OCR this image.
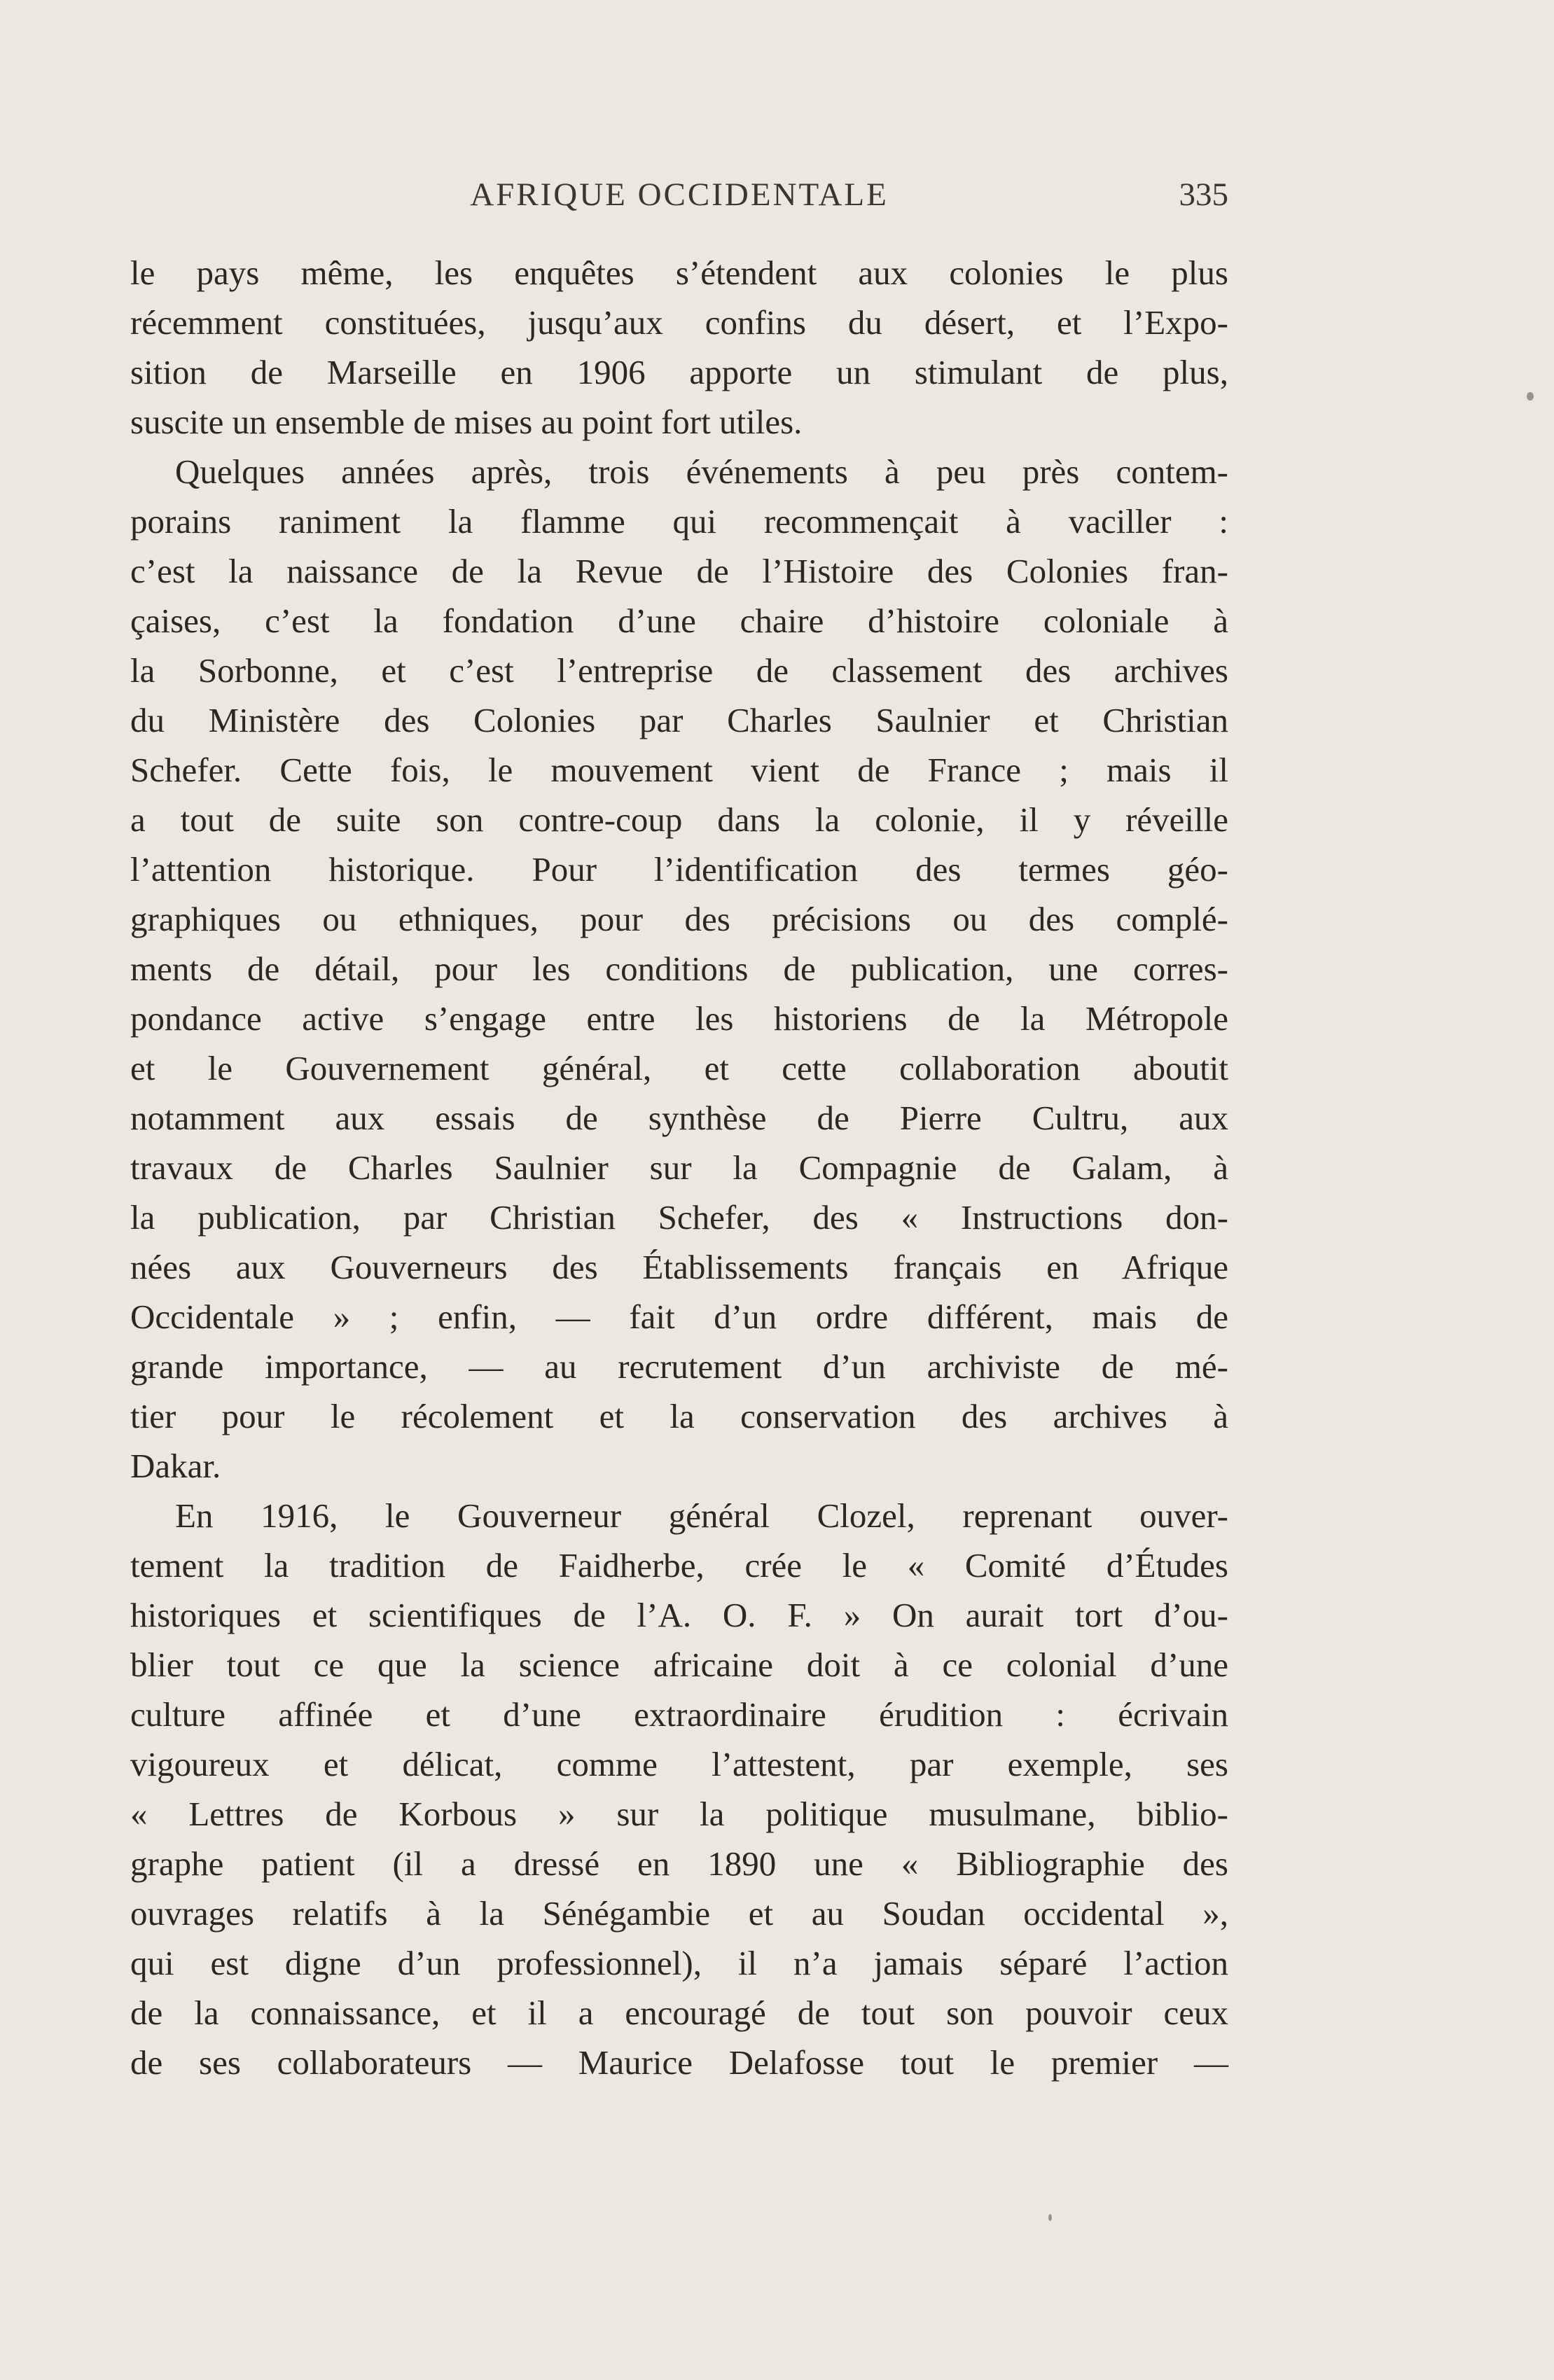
AFRIQUE OCCIDENTALE	335
le pays même, les enquêtes s’étendent aux colonies le plus
récemment constituées, jusqu’aux confins du désert, et l’Expo-
sition de Marseille en 1906 apporte un stimulant de plus,
suscite un ensemble de mises au point fort utiles.
Quelques années après, trois événements à peu près contem-
porains raniment la flamme qui recommençait à vaciller :
c’est la naissance de la Revue de l’Histoire des Colonies fran-
çaises, c’est la fondation d’une chaire d’histoire coloniale à
la Sorbonne, et c’est l’entreprise de classement des archives
du Ministère des Colonies par Charles Saulnier et Christian
Schefer. Cette fois, le mouvement vient de France ; mais il
a tout de suite son contre-coup dans la colonie, il y réveille
l’attention historique. Pour l’identification des termes géo-
graphiques ou ethniques, pour des précisions ou des complé-
ments de détail, pour les conditions de publication, une corres-
pondance active s’engage entre les historiens de la Métropole
et le Gouvernement général, et cette collaboration aboutit
notamment aux essais de synthèse de Pierre Cultru, aux
travaux de Charles Saulnier sur la Compagnie de Galam, à
la publication, par Christian Schefer, des « Instructions don-
nées aux Gouverneurs des Établissements français en Afrique
Occidentale » ; enfin, — fait d’un ordre différent, mais de
grande importance, — au recrutement d’un archiviste de mé-
tier pour le récolement et la conservation des archives à
Dakar.
En 1916, le Gouverneur général Clozel, reprenant ouver-
tement la tradition de Faidherbe, crée le « Comité d’Études
historiques et scientifiques de l’A. O. F. » On aurait tort d’ou-
blier tout ce que la science africaine doit à ce colonial d’une
culture affinée et d’une extraordinaire érudition : écrivain
vigoureux et délicat, comme l’attestent, par exemple, ses
« Lettres de Korbous » sur la politique musulmane, biblio-
graphe patient (il a dressé en 1890 une « Bibliographie des
ouvrages relatifs à la Sénégambie et au Soudan occidental »,
qui est digne d’un professionnel), il n’a jamais séparé l’action
de la connaissance, et il a encouragé de tout son pouvoir ceux
de ses collaborateurs — Maurice Delafosse tout le premier —
